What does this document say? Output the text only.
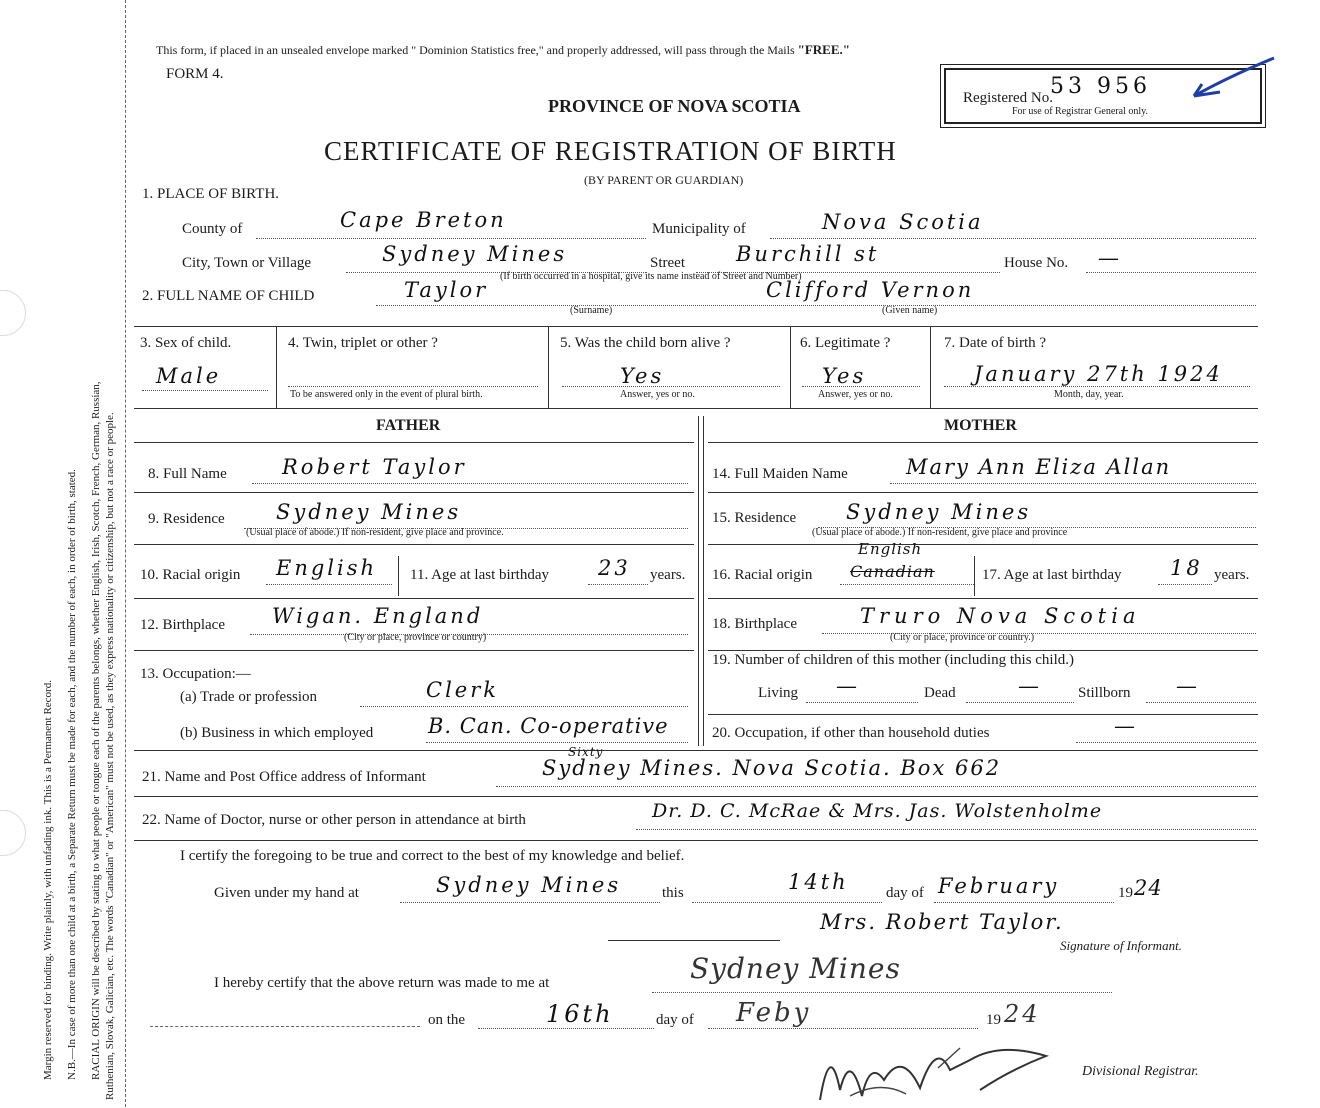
Margin reserved for binding. Write plainly, with unfading ink. This is a Permanent Record. N.B.—In case of more than one child at a birth, a Separate Return must be made for each, and the number of each, in order of birth, stated. RACIAL ORIGIN will be described by stating to what people or tongue each of the parents belongs, whether English, Irish, Scotch, French, German, Russian, Ruthenian, Slovak, Galician, etc. The words "Canadian" or "American" must not be used, as they express nationality or citizenship, but not a race or people.
This form, if placed in an unsealed envelope marked " Dominion Statistics free," and properly addressed, will pass through the Mails "FREE."
FORM 4.
PROVINCE OF NOVA SCOTIA
CERTIFICATE OF REGISTRATION OF BIRTH
(BY PARENT OR GUARDIAN)
Registered No.
53 956
For use of Registrar General only.
1. PLACE OF BIRTH.
County of	Cape Breton	Municipality of	Nova Scotia
City, Town or Village	Sydney Mines	Street Burchill st	House No. —
(If birth occurred in a hospital, give its name instead of Street and Number)
2. FULL NAME OF CHILD	Taylor	Clifford Vernon
(Surname)	(Given name)
3. Sex of child.
Male
4. Twin, triplet or other ?
To be answered only in the event of plural birth.
5. Was the child born alive ?
Yes
Answer, yes or no.
6. Legitimate ?
Yes
Answer, yes or no.
7. Date of birth ?
January 27th 1924
Month, day, year.
FATHER	MOTHER
8. Full Name	Robert Taylor
9. Residence Sydney Mines
(Usual place of abode.) If non-resident, give place and province.
10. Racial origin English 11. Age at last birthday 23 years.
12. Birthplace Wigan. England
(City or place, province or country)
13. Occupation:—
(a) Trade or profession	Clerk
(b) Business in which employed	B. Can. Co-operative
14. Full Maiden Name	Mary Ann Eliza Allan
15. Residence Sydney Mines
(Usual place of abode.) If non-resident, give place and province
16. Racial origin
English
Canadian	17. Age at last birthday 18 years.
18. Birthplace	Truro Nova Scotia
(City or place, province or country.)
19. Number of children of this mother (including this child.)
Living —	Dead	— Stillborn —
20. Occupation, if other than household duties	—
21. Name and Post Office address of Informant
Sixty
Sydney Mines. Nova Scotia. Box 662
22. Name of Doctor, nurse or other person in attendance at birth	Dr. D. C. McRae & Mrs. Jas. Wolstenholme
I certify the foregoing to be true and correct to the best of my knowledge and belief.
Given under my hand at	Sydney Mines	this	14th day of February	19 24
Mrs. Robert Taylor.
Signature of Informant.
I hereby certify that the above return was made to me at	Sydney Mines
on the	16th	day of Feby	19 24
Divisional Registrar.
